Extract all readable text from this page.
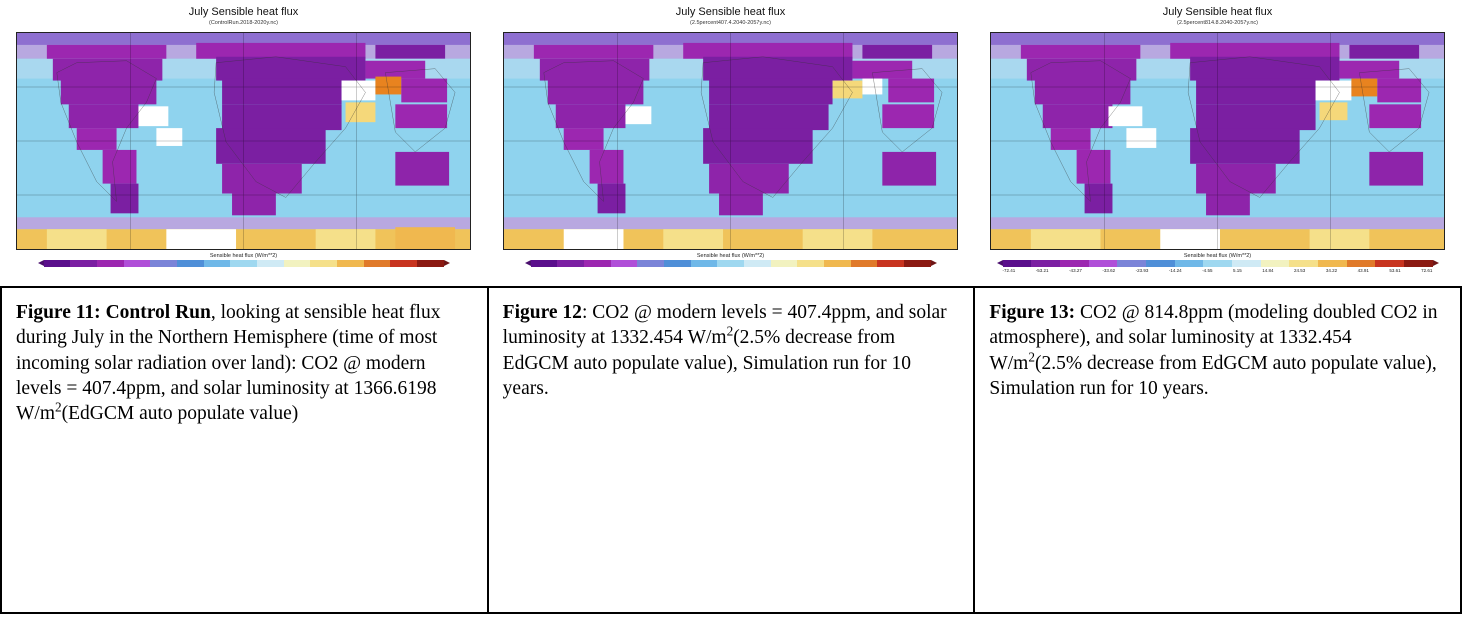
July Sensible heat flux
(ControlRun.2018-2020y.nc)
Sensible heat flux (W/m**2)
July Sensible heat flux
(2.5percent407.4.2040-2057y.nc)
Sensible heat flux (W/m**2)
July Sensible heat flux
(2.5percent814.8.2040-2057y.nc)
Sensible heat flux (W/m**2)
-72.41	-53.21	-43.27	-33.62	-23.93	-14.24	-4.55	5.15	14.84	24.53	34.22	43.91	53.61	72.61

Figure 11: Control Run, looking at sensible heat flux during July in the Northern Hemisphere (time of most incoming solar radiation over land): CO2 @ modern levels = 407.4ppm, and solar luminosity at 1366.6198 $W/m^2(EdGCM$ auto populate value)

Figure 12: CO2 @ modern levels = 407.4ppm, and solar luminosity at 1332.454 $W/m^2(2.5\%$ decrease from EdGCM auto populate value), Simulation run for 10 years.

Figure 13: CO2 @ 814.8ppm (modeling doubled CO2 in atmosphere), and solar luminosity at 1332.454 $W/m^2(2.5\%$ decrease from EdGCM auto populate value), Simulation run for 10 years.
